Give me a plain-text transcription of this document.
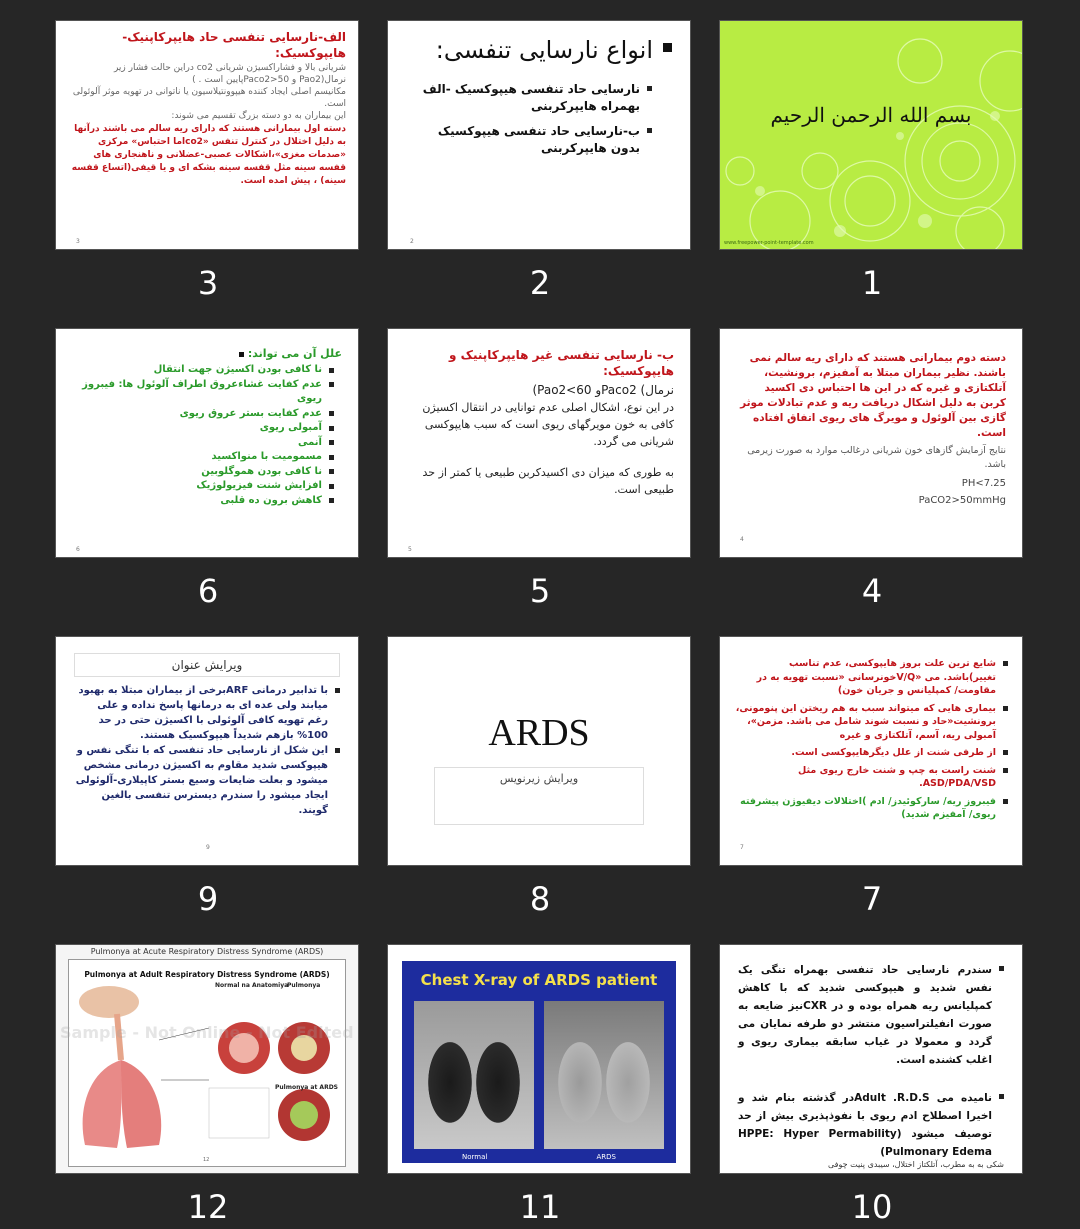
الف-نارسایی تنفسی حاد هایپرکاپنیک-هایپوکسیک:
شریانی بالا و فشاراکسیژن شریانی co2 دراین حالت فشار زیر نرمال(Pao2 و 50<Paco2پایین است . )
مکانیسم اصلی ایجاد کننده هیپوونتیلاسیون یا ناتوانی در تهویه موثر آلوئولی است.
این بیماران به دو دسته بزرگ تقسیم می شوند:
دسته اول بیمارانی هستند که دارای ریه سالم می باشند درآنها به دلیل اختلال در کنترل تنفس «co2اما احتباس» مرکزی «صدمات مغزی»،اشکالات عصبی-عضلانی و ناهنجاری های قفسه سینه مثل قفسه سینه بشکه ای و یا قیفی(اتساع قفسه سینه) ، پیش امده است.
3
3
انواع نارسایی تنفسی:
نارسایی حاد تنفسی هیپوکسیک -الف بهمراه هایپرکربنی
ب-نارسایی حاد تنفسی هیپوکسیک بدون هایپرکربنی
2
2
بسم الله الرحمن الرحیم
www.freepower-point-template.com
1
علل آن می تواند:
نا کافی بودن اکسیژن جهت انتقال
عدم کفایت غشاءعروق اطراف آلوئول ها: فیبروز ریوی
عدم کفایت بستر عروق ریوی
آمبولی ریوی
آنمی
مسمومیت با منواکسید
نا کافی بودن هموگلوبین
افزایش شنت فیزیولوژیک
کاهش برون ده قلبی
6
6
ب- نارسایی تنفسی غیر هایپرکاپنیک و هایپوکسیک:
نرمال) Paco2و Pao2<60)
در این نوع، اشکال اصلی عدم توانایی در انتقال اکسیژن کافی به خون مویرگهای ریوی است که سبب هایپوکسی شریانی می گردد.
به طوری که میزان دی اکسیدکربن طبیعی یا کمتر از حد طبیعی است.
5
5
دسته دوم بیمارانی هستند که دارای ریه سالم نمی باشند. نظیر بیماران مبتلا به آمفیزم، برونشیت، آتلکتازی و غیره که در این ها احتباس دی اکسید کربن به دلیل اشکال دریافت ریه و عدم تبادلات موثر گازی بین آلوئول و مویرگ های ریوی اتفاق افتاده است.
نتایج آزمایش گازهای خون شریانی درغالب موارد به صورت زیرمی باشد.
PH<7.25
PaCO2>50mmHg
4
4
ویرایش عنوان
با تدابیر درمانی ARFبرخی از بیماران مبتلا به بهبود میابند ولی عده ای به درمانها پاسخ نداده و علی رغم تهویه کافی آلوئولی با اکسیژن حتی در حد 100% بازهم شدیداً هیپوکسیک هستند.
این شکل از نارسایی حاد تنفسی که با تنگی نفس و هیپوکسی شدید مقاوم به اکسیژن درمانی مشخص میشود و بعلت ضایعات وسیع بستر کاپیلاری-آلوئولی ایجاد میشود را سندرم دیسترس تنفسی بالغین گویند.
9
9
ARDS
ویرایش زیرنویس
8
شایع ترین علت بروز هایپوکسی، عدم تناسب تغییر)باشد. می «V/Qخونرسانی «نسبت تهویه به در مقاومت/ کمپلیانس و جریان خون)
بیماری هایی که میتواند سبب به هم ریختن این پنومونی، برونشیت«حاد و نسبت شوند شامل می باشد. مزمن»، آمبولی ریه، آسم، آتلکتازی و غیره
از طرفی شنت از علل دیگرهایپوکسی است.
شنت راست به چپ و شنت خارج ریوی مثل ASD/PDA/VSD.
فیبروز ریه/ سارکوئیدز/ ادم )اختلالات دیفیوژن پیشرفته ریوی/ آمفیزم شدید)
7
7
Pulmonya at Acute Respiratory Distress Syndrome (ARDS)
Pulmonya at Adult Respiratory Distress Syndrome (ARDS)
Normal na Anatomiya
Pulmonya
Pulmonya at ARDS
12
Sample - Not Online - Not Edited
12
Chest X-ray of ARDS patient
Normal	ARDS
11
سندرم نارسایی حاد تنفسی بهمراه تنگی یک نفس شدید و هیپوکسی شدید که با کاهش کمپلیانس ریه همراه بوده و در CXRنیز ضایعه به صورت انفیلتراسیون منتشر دو طرفه نمایان می گردد و معمولا در غیاب سابقه بیماری ریوی و اغلب کشنده است.
نامیده می Adult .R.D.Sدر گذشته بنام شد و اخیرا اصطلاح ادم ریوی با نفوذپذیری بیش از حد توصیف میشود (HPPE: Hyper Permability Pulmonary Edema)
شکی به به مطرب، آتلکتاز اختلال، سیبدی پنیت چوفی
10
